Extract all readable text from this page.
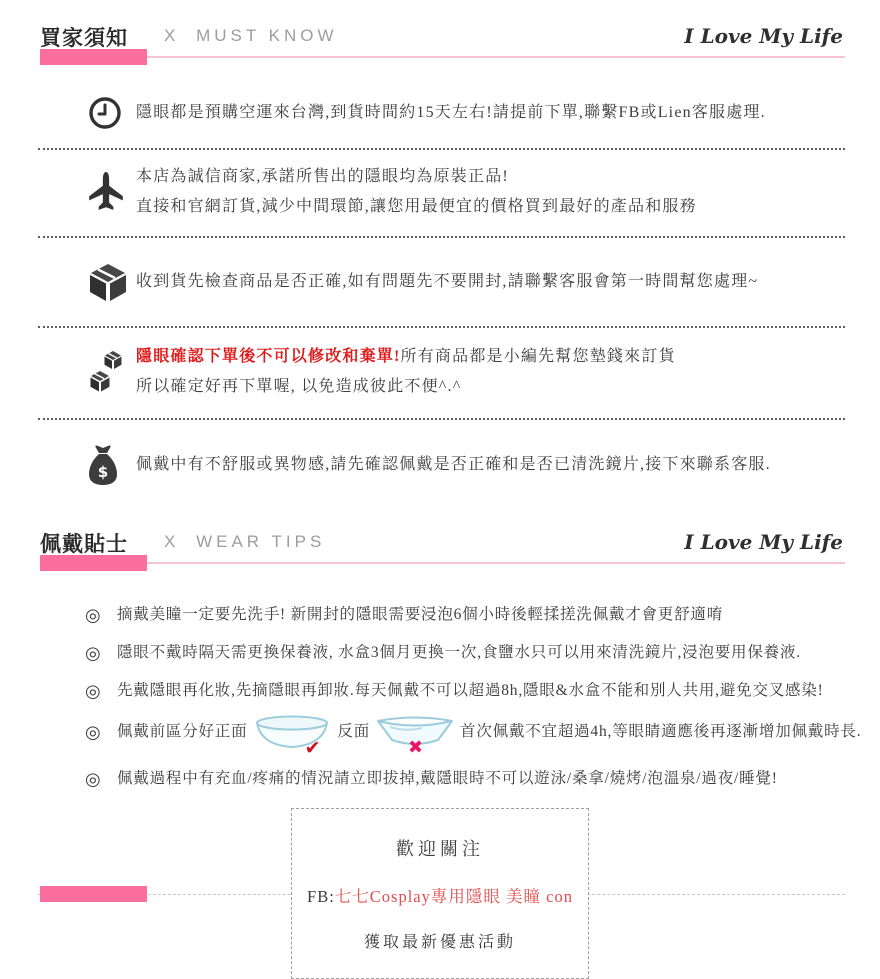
買家須知 X MUST KNOW	I Love My Life
隱眼都是預購空運來台灣,到貨時間約15天左右!請提前下單,聯繫FB或Lien客服處理.
本店為誠信商家,承諾所售出的隱眼均為原裝正品!
直接和官網訂貨,減少中間環節,讓您用最便宜的價格買到最好的產品和服務
收到貨先檢查商品是否正確,如有問題先不要開封,請聯繫客服會第一時間幫您處理~
隱眼確認下單後不可以修改和棄單!所有商品都是小編先幫您墊錢來訂貨
所以確定好再下單喔, 以免造成彼此不便^.^
$ 佩戴中有不舒服或異物感,請先確認佩戴是否正確和是否已清洗鏡片,接下來聯系客服.
佩戴貼士 X WEAR TIPS	I Love My Life
◎ 摘戴美瞳一定要先洗手! 新開封的隱眼需要浸泡6個小時後輕揉搓洗佩戴才會更舒適唷
◎ 隱眼不戴時隔天需更換保養液, 水盒3個月更換一次,食鹽水只可以用來清洗鏡片,浸泡要用保養液.
◎ 先戴隱眼再化妝,先摘隱眼再卸妝.每天佩戴不可以超過8h,隱眼&水盒不能和別人共用,避免交叉感染!
◎ 佩戴前區分好正面
✔
反面
✖
首次佩戴不宜超過4h,等眼睛適應後再逐漸增加佩戴時長.
◎ 佩戴過程中有充血/疼痛的情況請立即拔掉,戴隱眼時不可以遊泳/桑拿/燒烤/泡溫泉/過夜/睡覺!
歡迎關注
FB:七七Cosplay專用隱眼 美瞳 con
獲取最新優惠活動
